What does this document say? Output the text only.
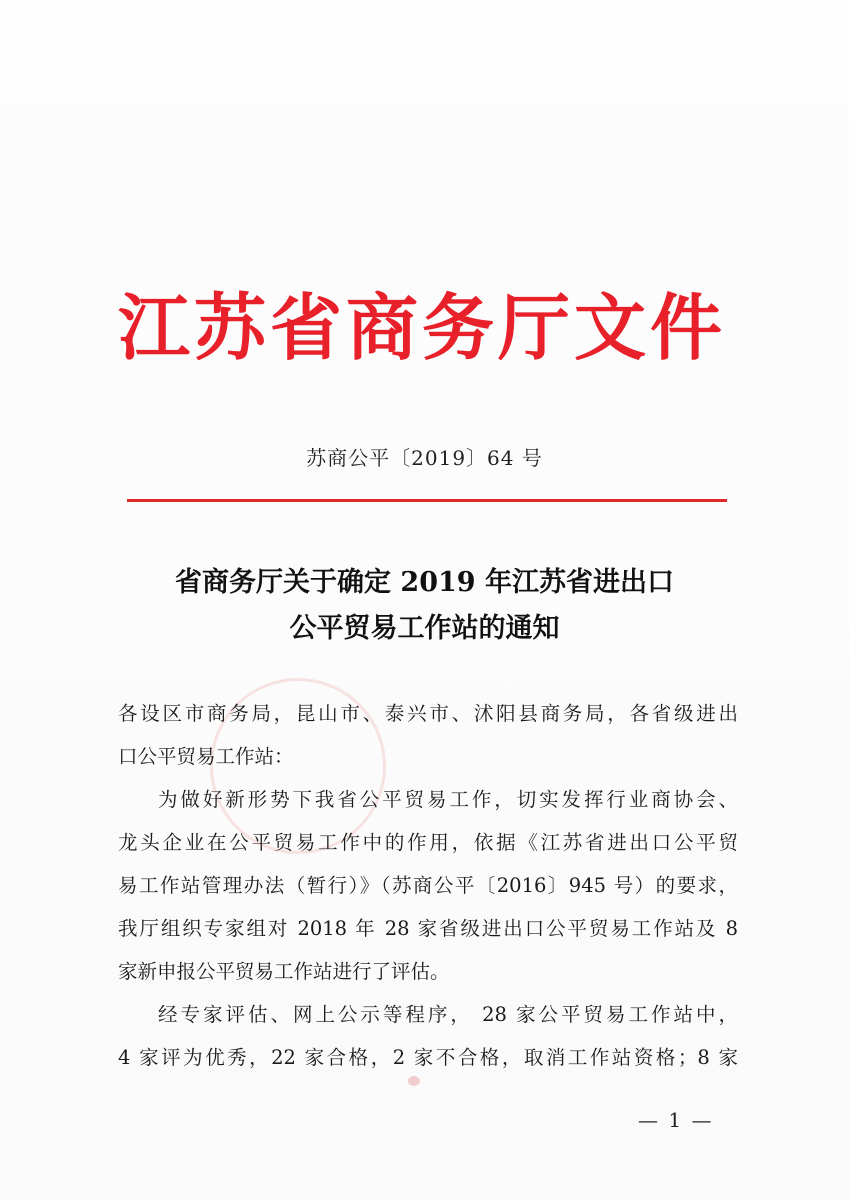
江苏省商务厅文件
苏商公平〔2019〕64 号
省商务厅关于确定 2019 年江苏省进出口
公平贸易工作站的通知
各设区市商务局，昆山市、泰兴市、沭阳县商务局，各省级进出
口公平贸易工作站：
为做好新形势下我省公平贸易工作，切实发挥行业商协会、
龙头企业在公平贸易工作中的作用，依据《江苏省进出口公平贸
易工作站管理办法（暂行）》（苏商公平〔2016〕945 号）的要求，
我厅组织专家组对 2018 年 28 家省级进出口公平贸易工作站及 8
家新申报公平贸易工作站进行了评估。
经专家评估、网上公示等程序， 28 家公平贸易工作站中，
4 家评为优秀，22 家合格，2 家不合格，取消工作站资格；8 家
— 1 —
